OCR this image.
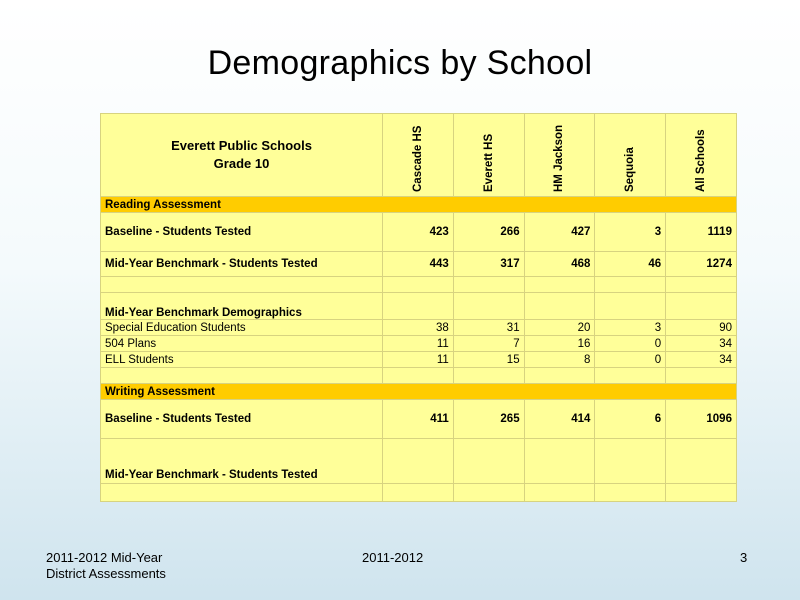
Demographics by School
Everett Public Schools
Grade 10	Cascade HS	Everett HS	HM Jackson	Sequoia	All Schools

Reading Assessment					
Baseline - Students Tested	423	266	427	3	1119
Mid-Year Benchmark - Students Tested	443	317	468	46	1274

Mid-Year Benchmark Demographics					
Special Education Students	38	31	20	3	90
504 Plans	11	7	16	0	34
ELL Students	11	15	8	0	34

Writing Assessment					
Baseline - Students Tested	411	265	414	6	1096
Mid-Year Benchmark - Students Tested					

2011-2012 Mid-Year
District Assessments
2011-2012	3
